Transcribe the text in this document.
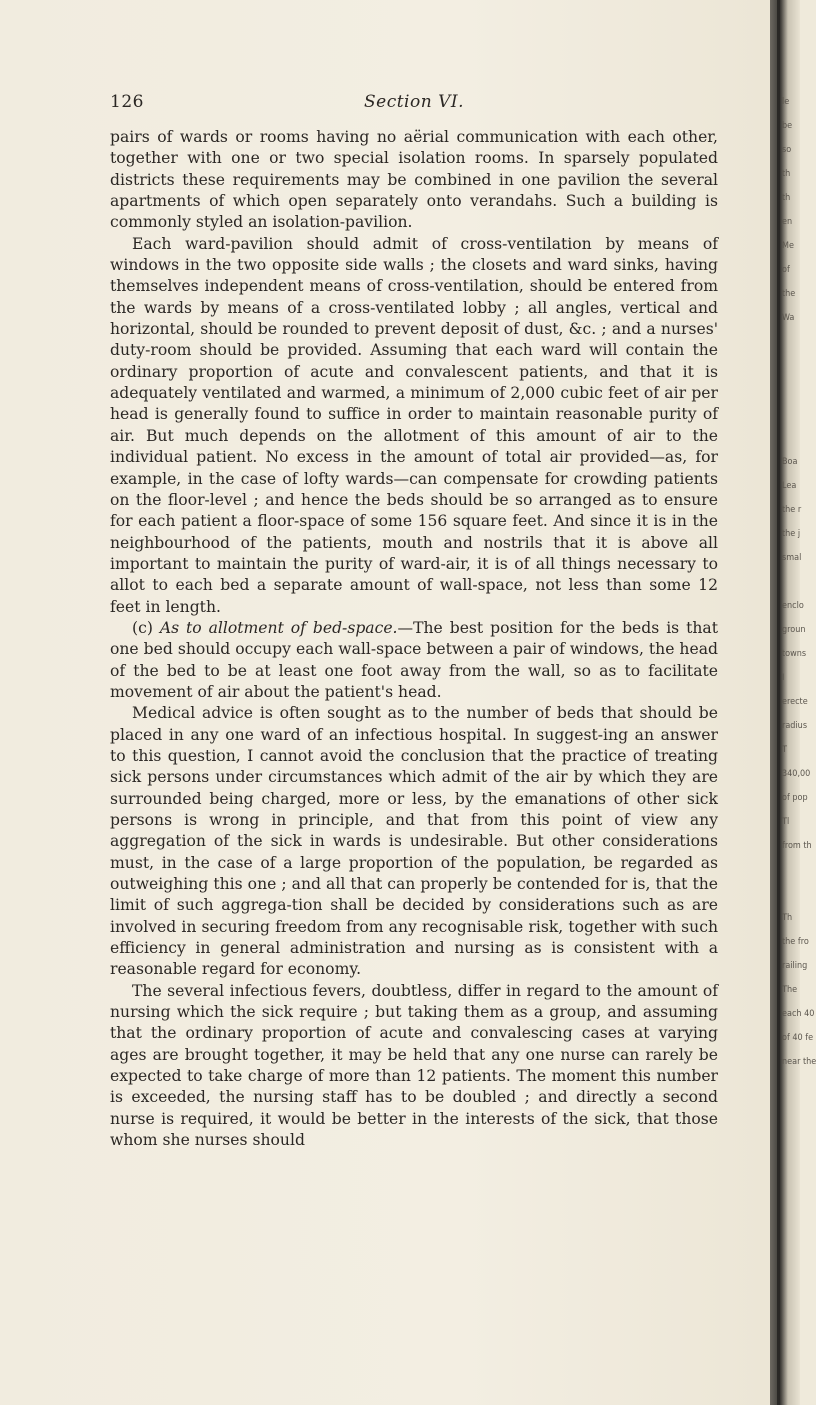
126	Section VI.

pairs of wards or rooms having no aërial communication with each other, together with one or two special isolation rooms. In sparsely populated districts these requirements may be combined in one pavilion the several apartments of which open separately onto verandahs. Such a building is commonly styled an isolation-pavilion.

Each ward-pavilion should admit of cross-ventilation by means of windows in the two opposite side walls ; the closets and ward sinks, having themselves independent means of cross-ventilation, should be entered from the wards by means of a cross-ventilated lobby ; all angles, vertical and horizontal, should be rounded to prevent deposit of dust, &c. ; and a nurses' duty-room should be provided. Assuming that each ward will contain the ordinary proportion of acute and convalescent patients, and that it is adequately ventilated and warmed, a minimum of 2,000 cubic feet of air per head is generally found to suffice in order to maintain reasonable purity of air. But much depends on the allotment of this amount of air to the individual patient. No excess in the amount of total air provided—as, for example, in the case of lofty wards—can compensate for crowding patients on the floor-level ; and hence the beds should be so arranged as to ensure for each patient a floor-space of some 156 square feet. And since it is in the neighbourhood of the patients, mouth and nostrils that it is above all important to maintain the purity of ward-air, it is of all things necessary to allot to each bed a separate amount of wall-space, not less than some 12 feet in length.

(c) As to allotment of bed-space.—The best position for the beds is that one bed should occupy each wall-space between a pair of windows, the head of the bed to be at least one foot away from the wall, so as to facilitate movement of air about the patient's head.

Medical advice is often sought as to the number of beds that should be placed in any one ward of an infectious hospital. In suggest-ing an answer to this question, I cannot avoid the conclusion that the practice of treating sick persons under circumstances which admit of the air by which they are surrounded being charged, more or less, by the emanations of other sick persons is wrong in principle, and that from this point of view any aggregation of the sick in wards is undesirable. But other considerations must, in the case of a large proportion of the population, be regarded as outweighing this one ; and all that can properly be contended for is, that the limit of such aggrega-tion shall be decided by considerations such as are involved in securing freedom from any recognisable risk, together with such efficiency in general administration and nursing as is consistent with a reasonable regard for economy.

The several infectious fevers, doubtless, differ in regard to the amount of nursing which the sick require ; but taking them as a group, and assuming that the ordinary proportion of acute and convalescing cases at varying ages are brought together, it may be held that any one nurse can rarely be expected to take charge of more than 12 patients. The moment this number is exceeded, the nursing staff has to be doubled ; and directly a second nurse is required, it would be better in the interests of the sick, that those whom she nurses should

le
be
so
th
th
en
Me
of
the
Wa
Boa
Lea
the r
the j
smal
enclo
groun
towns
I
erecte
radius
T
340,00
of pop
Tl
from th
Th
the fro
railing
The
each 40
of 40 fe
near the
